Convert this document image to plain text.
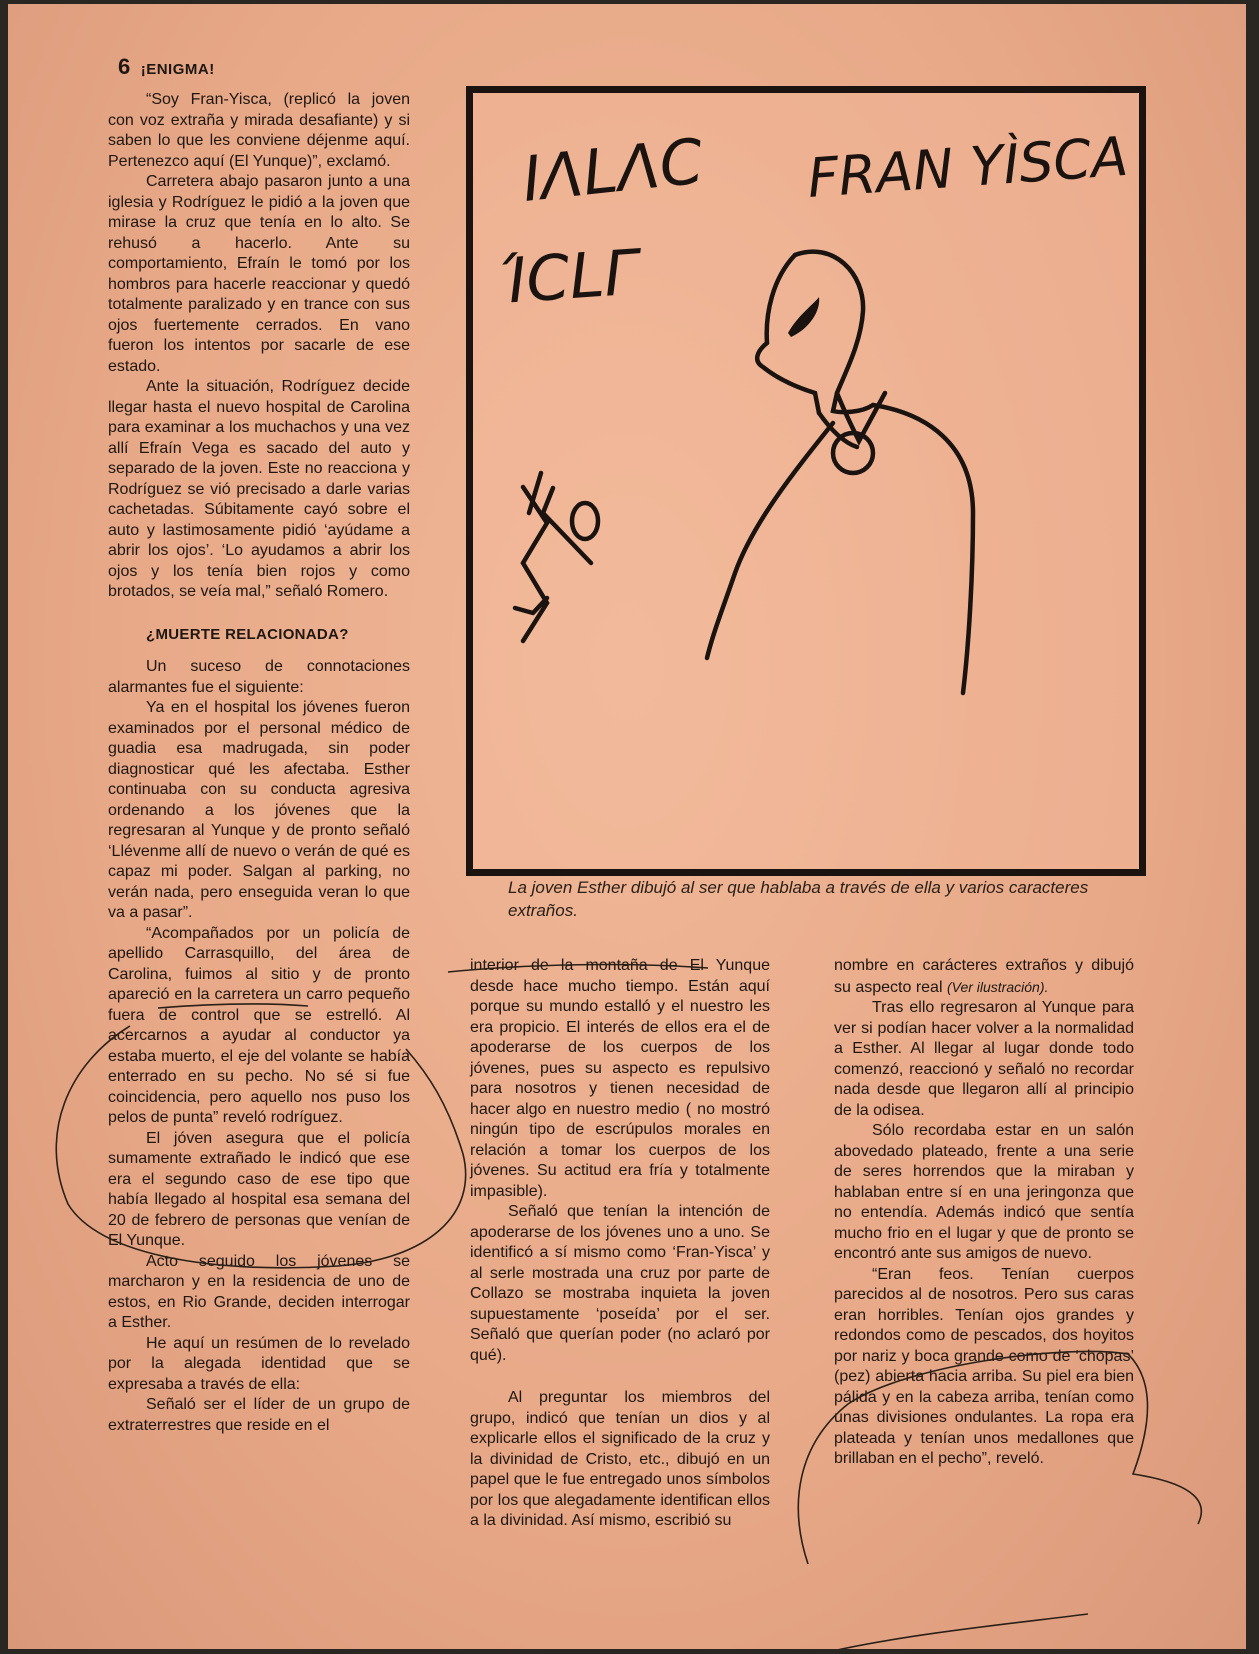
6 ¡ENIGMA!

“Soy Fran-Yisca, (replicó la joven con voz extraña y mirada desafiante) y si saben lo que les conviene déjenme aquí. Pertenezco aquí (El Yunque)”, exclamó.

Carretera abajo pasaron junto a una iglesia y Rodríguez le pidió a la joven que mirase la cruz que tenía en lo alto. Se rehusó a hacerlo. Ante su comportamiento, Efraín le tomó por los hombros para hacerle reaccionar y quedó totalmente paralizado y en trance con sus ojos fuertemente cerrados. En vano fueron los intentos por sacarle de ese estado.

Ante la situación, Rodríguez decide llegar hasta el nuevo hospital de Carolina para examinar a los muchachos y una vez allí Efraín Vega es sacado del auto y separado de la joven. Este no reacciona y Rodríguez se vió precisado a darle varias cachetadas. Súbitamente cayó sobre el auto y lastimosamente pidió ‘ayúdame a abrir los ojos’. ‘Lo ayudamos a abrir los ojos y los tenía bien rojos y como brotados, se veía mal,” señaló Romero.

¿MUERTE RELACIONADA?

Un suceso de connotaciones alarmantes fue el siguiente:

Ya en el hospital los jóvenes fueron examinados por el personal médico de guadia esa madrugada, sin poder diagnosticar qué les afectaba. Esther continuaba con su conducta agresiva ordenando a los jóvenes que la regresaran al Yunque y de pronto señaló ‘Llévenme allí de nuevo o verán de qué es capaz mi poder. Salgan al parking, no verán nada, pero enseguida veran lo que va a pasar”.

“Acompañados por un policía de apellido Carrasquillo, del área de Carolina, fuimos al sitio y de pronto apareció en la carretera un carro pequeño fuera de control que se estrelló. Al acercarnos a ayudar al conductor ya estaba muerto, el eje del volante se había enterrado en su pecho. No sé si fue coincidencia, pero aquello nos puso los pelos de punta” reveló rodríguez.

El jóven asegura que el policía sumamente extrañado le indicó que ese era el segundo caso de ese tipo que había llegado al hospital esa semana del 20 de febrero de personas que venían de El Yunque.

Acto seguido los jóvenes se marcharon y en la residencia de uno de estos, en Rio Grande, deciden interrogar a Esther.

He aquí un resúmen de lo revelado por la alegada identidad que se expresaba a través de ella:

Señaló ser el líder de un grupo de extraterrestres que reside en el

ΙΛLΛC FRAN YÌSCA
ΊCLΓ
La joven Esther dibujó al ser que hablaba a través de ella y varios caracteres extraños.

interior de la montaña de El Yunque desde hace mucho tiempo. Están aquí porque su mundo estalló y el nuestro les era propicio. El interés de ellos era el de apoderarse de los cuerpos de los jóvenes, pues su aspecto es repulsivo para nosotros y tienen necesidad de hacer algo en nuestro medio ( no mostró ningún tipo de escrúpulos morales en relación a tomar los cuerpos de los jóvenes. Su actitud era fría y totalmente impasible).

Señaló que tenían la intención de apoderarse de los jóvenes uno a uno. Se identificó a sí mismo como ‘Fran-Yisca’ y al serle mostrada una cruz por parte de Collazo se mostraba inquieta la joven supuestamente ‘poseída’ por el ser. Señaló que querían poder (no aclaró por qué).

Al preguntar los miembros del grupo, indicó que tenían un dios y al explicarle ellos el significado de la cruz y la divinidad de Cristo, etc., dibujó en un papel que le fue entregado unos símbolos por los que alegadamente identifican ellos a la divinidad. Así mismo, escribió su

nombre en carácteres extraños y dibujó su aspecto real (Ver ilustración).

Tras ello regresaron al Yunque para ver si podían hacer volver a la normalidad a Esther. Al llegar al lugar donde todo comenzó, reaccionó y señaló no recordar nada desde que llegaron allí al principio de la odisea.

Sólo recordaba estar en un salón abovedado plateado, frente a una serie de seres horrendos que la miraban y hablaban entre sí en una jeringonza que no entendía. Además indicó que sentía mucho frio en el lugar y que de pronto se encontró ante sus amigos de nuevo.

“Eran feos. Tenían cuerpos parecidos al de nosotros. Pero sus caras eran horribles. Tenían ojos grandes y redondos como de pescados, dos hoyitos por nariz y boca grande como de ‘chopas’ (pez) abierta hacia arriba. Su piel era bien pálida y en la cabeza arriba, tenían como unas divisiones ondulantes. La ropa era plateada y tenían unos medallones que brillaban en el pecho”, reveló.
